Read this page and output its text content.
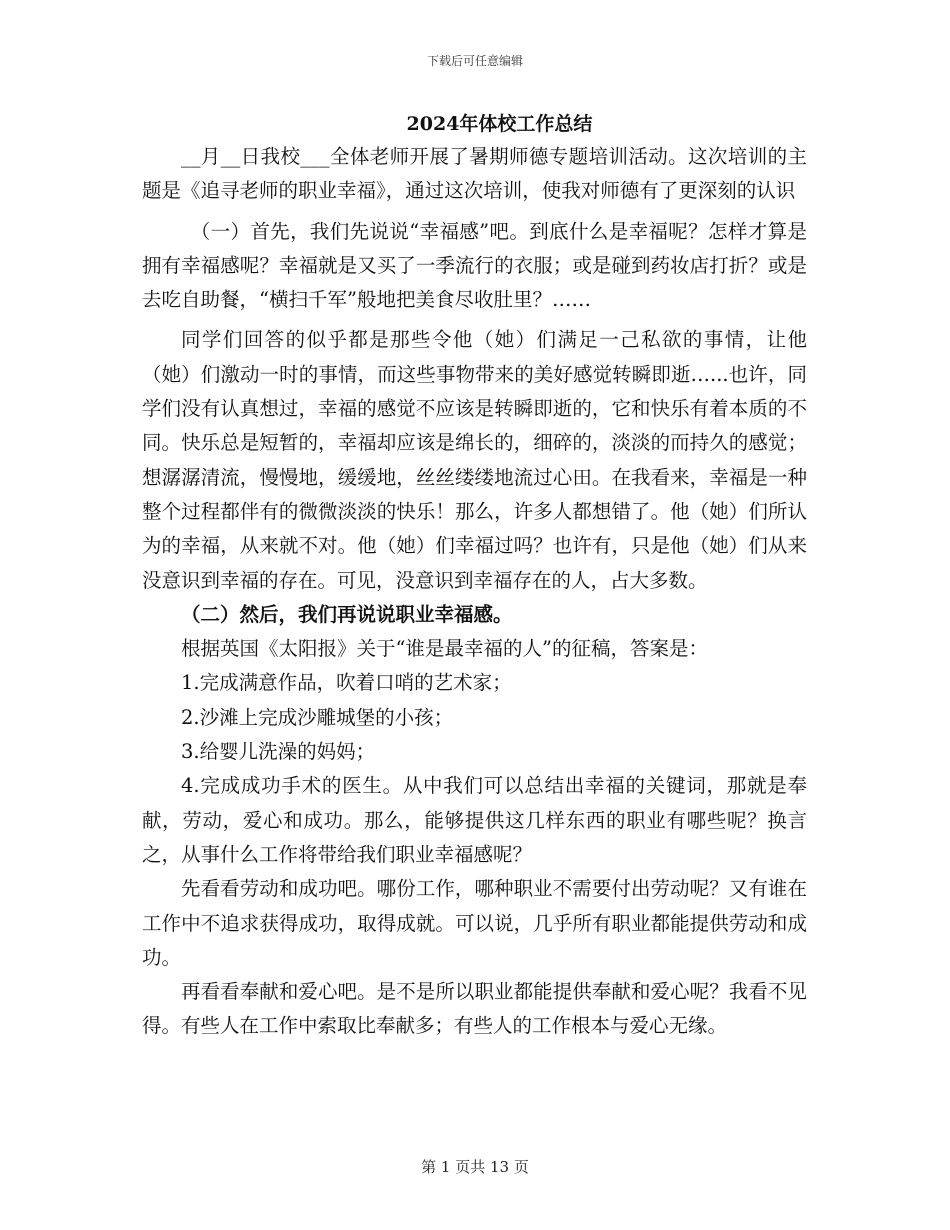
下载后可任意编辑
2024年体校工作总结

__月__日我校___全体老师开展了暑期师德专题培训活动。这次培训的主题是《追寻老师的职业幸福》，通过这次培训，使我对师德有了更深刻的认识

（一）首先，我们先说说“幸福感”吧。到底什么是幸福呢？怎样才算是拥有幸福感呢？幸福就是又买了一季流行的衣服；或是碰到药妆店打折？或是去吃自助餐，“横扫千军”般地把美食尽收肚里？……

同学们回答的似乎都是那些令他（她）们满足一己私欲的事情，让他（她）们激动一时的事情，而这些事物带来的美好感觉转瞬即逝…...也许，同学们没有认真想过，幸福的感觉不应该是转瞬即逝的，它和快乐有着本质的不同。快乐总是短暂的，幸福却应该是绵长的，细碎的，淡淡的而持久的感觉；想潺潺清流，慢慢地，缓缓地，丝丝缕缕地流过心田。在我看来，幸福是一种整个过程都伴有的微微淡淡的快乐！那么，许多人都想错了。他（她）们所认为的幸福，从来就不对。他（她）们幸福过吗？也许有，只是他（她）们从来没意识到幸福的存在。可见，没意识到幸福存在的人，占大多数。

（二）然后，我们再说说职业幸福感。

根据英国《太阳报》关于“谁是最幸福的人”的征稿，答案是：

1.完成满意作品，吹着口哨的艺术家；

2.沙滩上完成沙雕城堡的小孩；

3.给婴儿洗澡的妈妈；

4.完成成功手术的医生。从中我们可以总结出幸福的关键词，那就是奉献，劳动，爱心和成功。那么，能够提供这几样东西的职业有哪些呢？换言之，从事什么工作将带给我们职业幸福感呢？

先看看劳动和成功吧。哪份工作，哪种职业不需要付出劳动呢？又有谁在工作中不追求获得成功，取得成就。可以说，几乎所有职业都能提供劳动和成功。

再看看奉献和爱心吧。是不是所以职业都能提供奉献和爱心呢？我看不见得。有些人在工作中索取比奉献多；有些人的工作根本与爱心无缘。

第 1 页共 13 页
